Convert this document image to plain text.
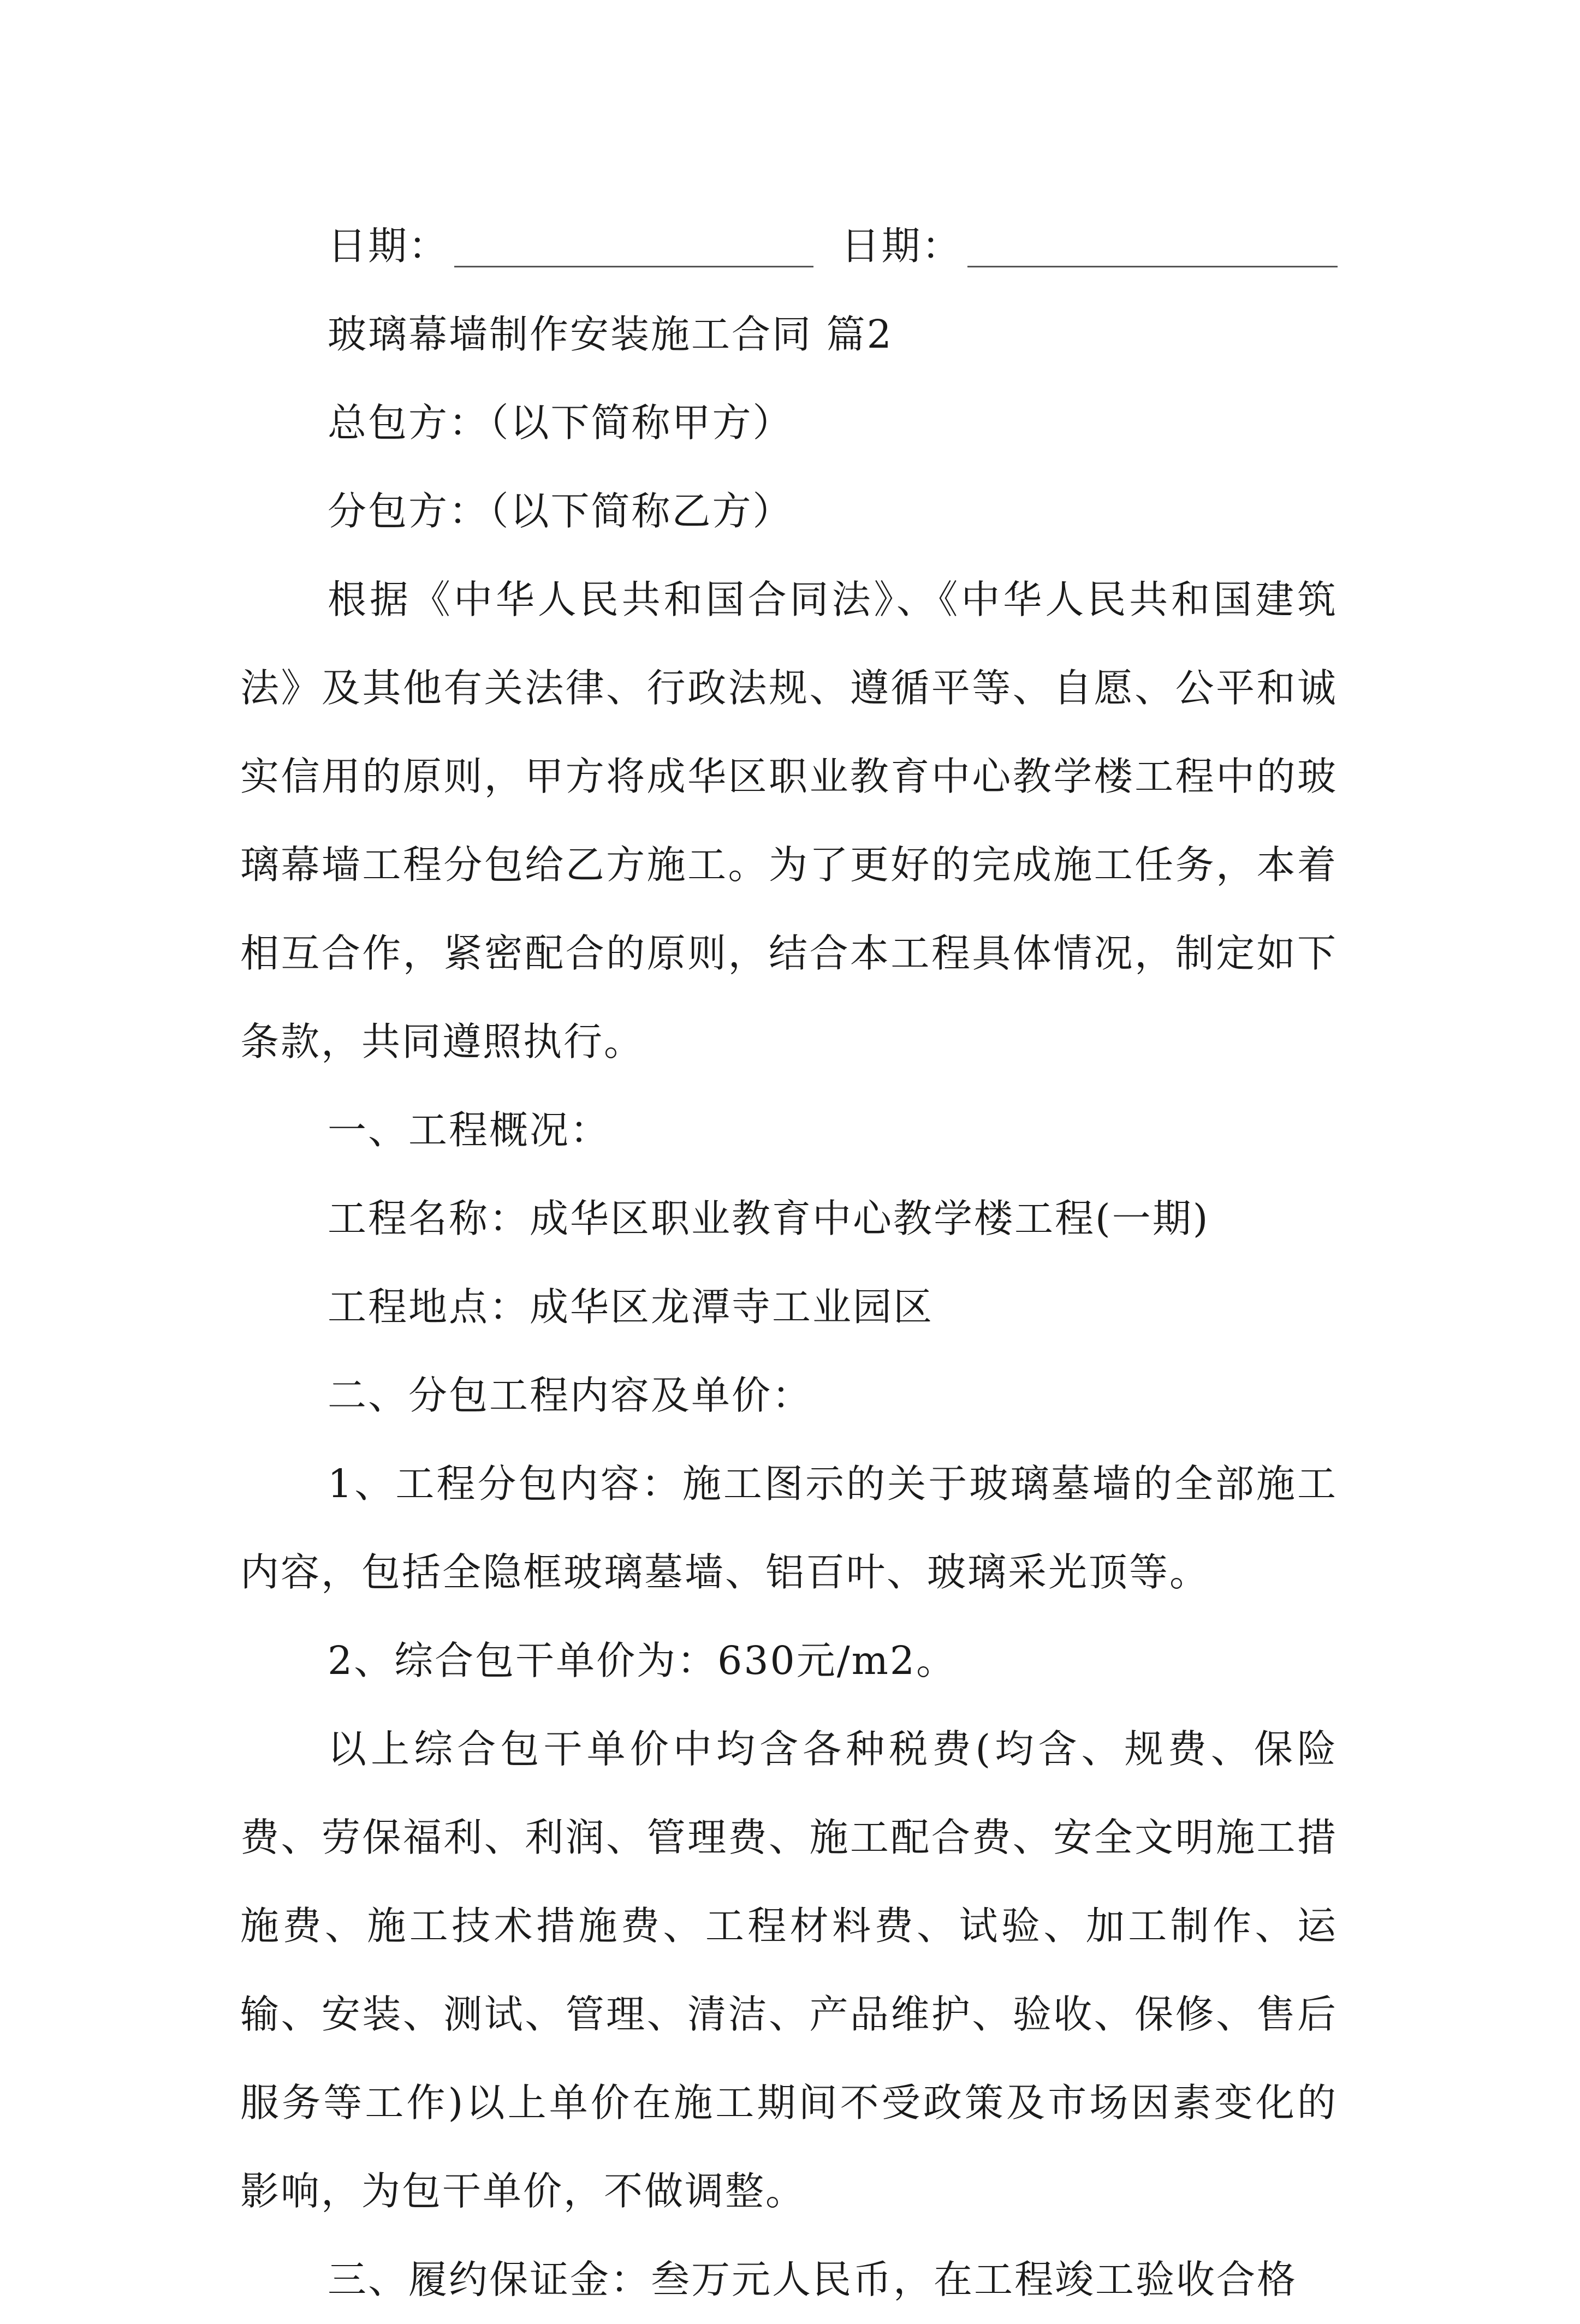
日期：	日期：
玻璃幕墙制作安装施工合同 篇2
总包方：（以下简称甲方）
分包方：（以下简称乙方）
根据《中华人民共和国合同法》、《中华人民共和国建筑法》及其他有关法律、行政法规、遵循平等、自愿、公平和诚实信用的原则，甲方将成华区职业教育中心教学楼工程中的玻璃幕墙工程分包给乙方施工。为了更好的完成施工任务，本着相互合作，紧密配合的原则，结合本工程具体情况，制定如下条款，共同遵照执行。
一、工程概况：
工程名称：成华区职业教育中心教学楼工程(一期)
工程地点：成华区龙潭寺工业园区
二、分包工程内容及单价：
1、工程分包内容：施工图示的关于玻璃墓墙的全部施工内容，包括全隐框玻璃墓墙、铝百叶、玻璃采光顶等。
2、综合包干单价为：630元/m2。
以上综合包干单价中均含各种税费(均含、规费、保险费、劳保福利、利润、管理费、施工配合费、安全文明施工措施费、施工技术措施费、工程材料费、试验、加工制作、运输、安装、测试、管理、清洁、产品维护、验收、保修、售后服务等工作)以上单价在施工期间不受政策及市场因素变化的影响，为包干单价，不做调整。
三、履约保证金：叁万元人民币，在工程竣工验收合格
